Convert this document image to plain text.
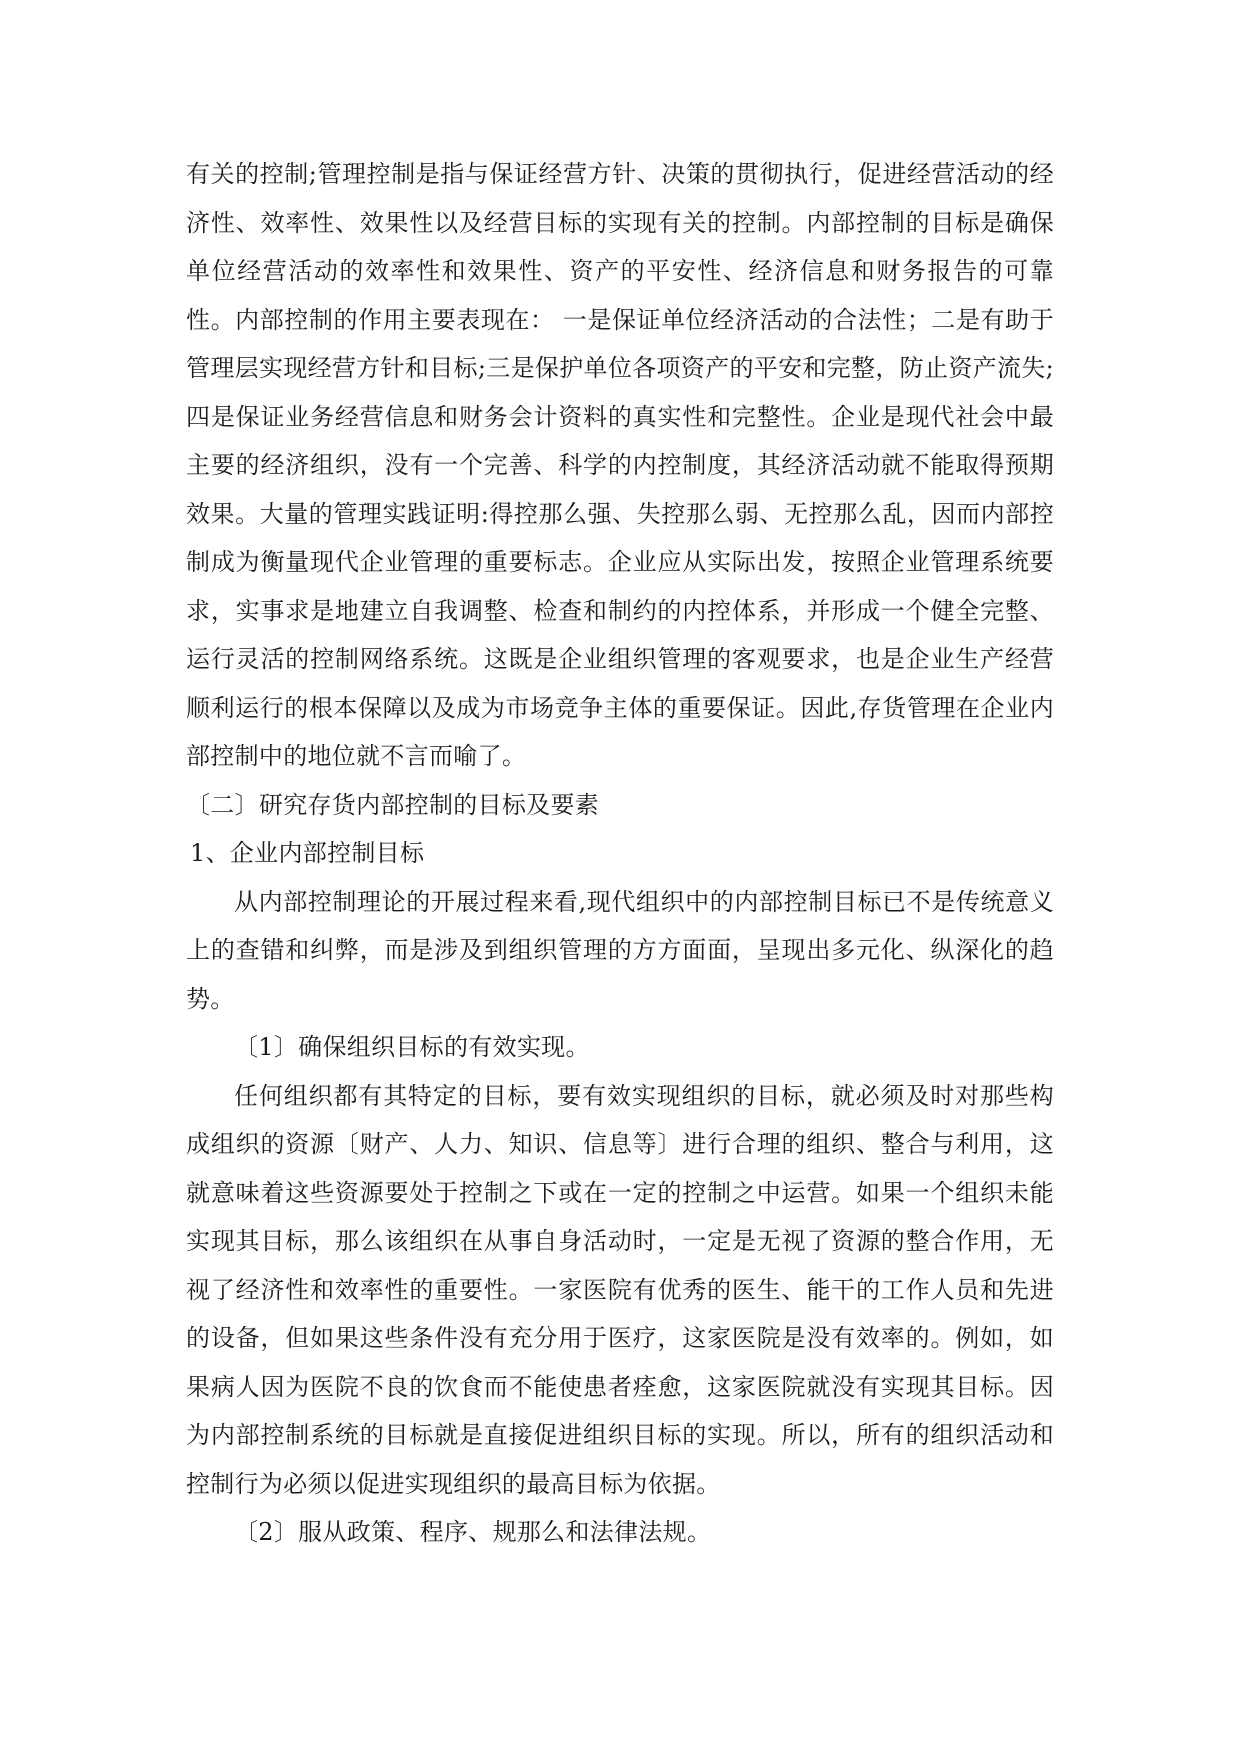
有关的控制;管理控制是指与保证经营方针、决策的贯彻执行，促进经营活动的经济性、效率性、效果性以及经营目标的实现有关的控制。内部控制的目标是确保单位经营活动的效率性和效果性、资产的平安性、经济信息和财务报告的可靠性。内部控制的作用主要表现在： 一是保证单位经济活动的合法性；二是有助于管理层实现经营方针和目标;三是保护单位各项资产的平安和完整，防止资产流失;四是保证业务经营信息和财务会计资料的真实性和完整性。企业是现代社会中最主要的经济组织，没有一个完善、科学的内控制度，其经济活动就不能取得预期效果。大量的管理实践证明:得控那么强、失控那么弱、无控那么乱，因而内部控制成为衡量现代企业管理的重要标志。企业应从实际出发，按照企业管理系统要求，实事求是地建立自我调整、检查和制约的内控体系，并形成一个健全完整、运行灵活的控制网络系统。这既是企业组织管理的客观要求，也是企业生产经营顺利运行的根本保障以及成为市场竞争主体的重要保证。因此,存货管理在企业内部控制中的地位就不言而喻了。

〔二〕研究存货内部控制的目标及要素

1、企业内部控制目标

从内部控制理论的开展过程来看,现代组织中的内部控制目标已不是传统意义上的查错和纠弊，而是涉及到组织管理的方方面面，呈现出多元化、纵深化的趋势。

〔1〕确保组织目标的有效实现。

任何组织都有其特定的目标，要有效实现组织的目标，就必须及时对那些构成组织的资源〔财产、人力、知识、信息等〕进行合理的组织、整合与利用，这就意味着这些资源要处于控制之下或在一定的控制之中运营。如果一个组织未能实现其目标，那么该组织在从事自身活动时，一定是无视了资源的整合作用，无视了经济性和效率性的重要性。一家医院有优秀的医生、能干的工作人员和先进的设备，但如果这些条件没有充分用于医疗，这家医院是没有效率的。例如，如果病人因为医院不良的饮食而不能使患者痊愈，这家医院就没有实现其目标。因为内部控制系统的目标就是直接促进组织目标的实现。所以，所有的组织活动和控制行为必须以促进实现组织的最高目标为依据。

〔2〕服从政策、程序、规那么和法律法规。
